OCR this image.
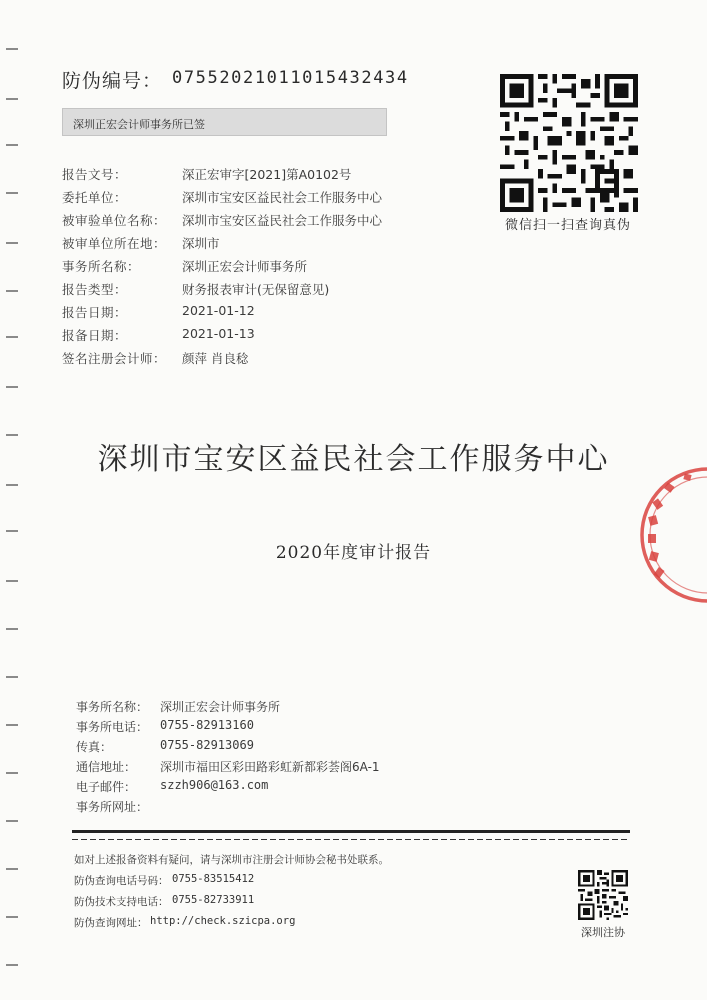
防伪编号： 07552021011015432434
深圳正宏会计师事务所已签
报告文号：	深正宏审字[2021]第A0102号
委托单位：	深圳市宝安区益民社会工作服务中心
被审验单位名称： 深圳市宝安区益民社会工作服务中心
被审单位所在地： 深圳市
事务所名称：	深圳正宏会计师事务所
报告类型：	财务报表审计(无保留意见)
报告日期：	2021-01-12
报备日期：	2021-01-13
签名注册会计师： 颜萍 肖良稔
微信扫一扫查询真伪
深圳市宝安区益民社会工作服务中心
2020年度审计报告
事务所名称： 深圳正宏会计师事务所
事务所电话： 0755-82913160
传真：	0755-82913069
通信地址： 深圳市福田区彩田路彩虹新都彩荟阁6A-1
电子邮件： szzh906@163.com
事务所网址：
如对上述报备资料有疑问，请与深圳市注册会计师协会秘书处联系。
防伪查询电话号码： 0755-83515412
防伪技术支持电话： 0755-82733911
防伪查询网址： http://check.szicpa.org
深圳注协
